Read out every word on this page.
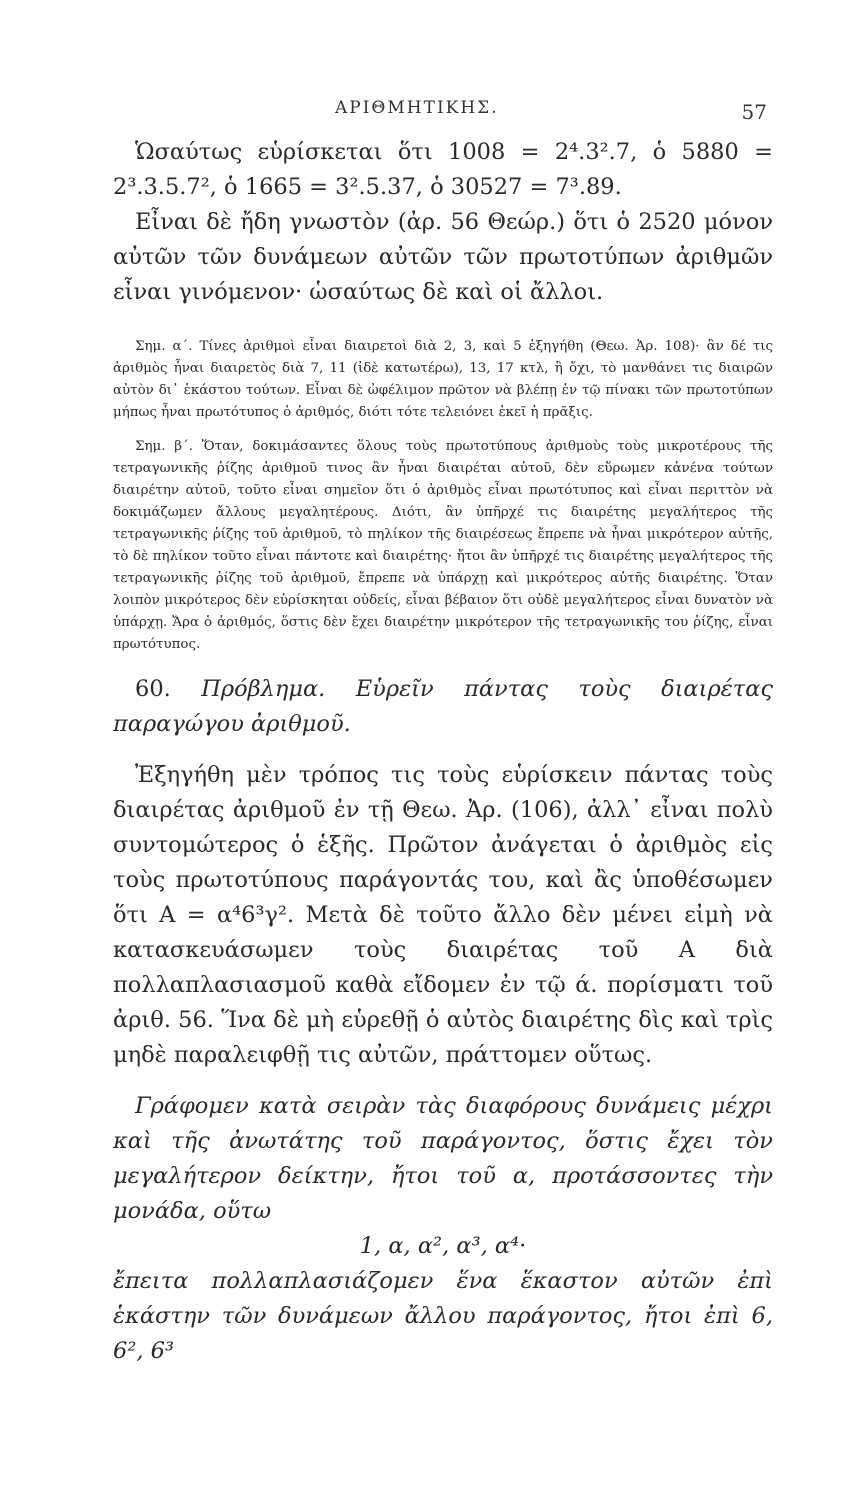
ΑΡΙΘΜΗΤΙΚΗΣ.	57

Ὡσαύτως εὑρίσκεται ὅτι 1008 = 2⁴.3².7, ὁ 5880 = 2³.3.5.7², ὁ 1665 = 3².5.37, ὁ 30527 = 7³.89.

Εἶναι δὲ ἤδη γνωστὸν (ἀρ. 56 Θεώρ.) ὅτι ὁ 2520 μόνον αὐτῶν τῶν δυνάμεων αὐτῶν τῶν πρωτοτύπων ἀριθμῶν εἶναι γινόμενον· ὡσαύτως δὲ καὶ οἱ ἄλλοι.

Σημ. α΄. Τίνες ἀριθμοὶ εἶναι διαιρετοὶ διὰ 2, 3, καὶ 5 ἐξηγήθη (Θεω. Ἀρ. 108)· ἂν δέ τις ἀριθμὸς ἦναι διαιρετὸς διὰ 7, 11 (ἰδὲ κατωτέρω), 13, 17 κτλ, ἢ ὄχι, τὸ μανθάνει τις διαιρῶν αὐτὸν δι᾽ ἑκάστου τούτων. Εἶναι δὲ ὠφέλιμον πρῶτον νὰ βλέπῃ ἐν τῷ πίνακι τῶν πρωτοτύπων μήπως ἦναι πρωτότυπος ὁ ἀριθμός, διότι τότε τελειόνει ἐκεῖ ἡ πρᾶξις.

Σημ. β΄. Ὅταν, δοκιμάσαντες ὅλους τοὺς πρωτοτύπους ἀριθμοὺς τοὺς μικροτέρους τῆς τετραγωνικῆς ῥίζης ἀριθμοῦ τινος ἂν ἦναι διαιρέται αὐτοῦ, δὲν εὕρωμεν κἀνένα τούτων διαιρέτην αὐτοῦ, τοῦτο εἶναι σημεῖον ὅτι ὁ ἀριθμὸς εἶναι πρωτότυπος καὶ εἶναι περιττὸν νὰ δοκιμάζωμεν ἄλλους μεγαλητέρους. Διότι, ἂν ὑπῆρχέ τις διαιρέτης μεγαλήτερος τῆς τετραγωνικῆς ῥίζης τοῦ ἀριθμοῦ, τὸ πηλίκον τῆς διαιρέσεως ἔπρεπε νὰ ἦναι μικρότερον αὐτῆς, τὸ δὲ πηλίκον τοῦτο εἶναι πάντοτε καὶ διαιρέτης· ἤτοι ἂν ὑπῆρχέ τις διαιρέτης μεγαλήτερος τῆς τετραγωνικῆς ῥίζης τοῦ ἀριθμοῦ, ἔπρεπε νὰ ὑπάρχῃ καὶ μικρότερος αὐτῆς διαιρέτης. Ὅταν λοιπὸν μικρότερος δὲν εὑρίσκηται οὐδείς, εἶναι βέβαιον ὅτι οὐδὲ μεγαλήτερος εἶναι δυνατὸν νὰ ὑπάρχῃ. Ἄρα ὁ ἀριθμός, ὅστις δὲν ἔχει διαιρέτην μικρότερον τῆς τετραγωνικῆς του ῥίζης, εἶναι πρωτότυπος.

60. Πρόβλημα. Εὑρεῖν πάντας τοὺς διαιρέτας παραγώγου ἀριθμοῦ.

Ἐξηγήθη μὲν τρόπος τις τοὺς εὑρίσκειν πάντας τοὺς διαιρέτας ἀριθμοῦ ἐν τῇ Θεω. Ἀρ. (106), ἀλλ᾽ εἶναι πολὺ συντομώτερος ὁ ἑξῆς. Πρῶτον ἀνάγεται ὁ ἀριθμὸς εἰς τοὺς πρωτοτύπους παράγοντάς του, καὶ ἂς ὑποθέσωμεν ὅτι Α = α⁴6³γ². Μετὰ δὲ τοῦτο ἄλλο δὲν μένει εἰμὴ νὰ κατασκευάσωμεν τοὺς διαιρέτας τοῦ Α διὰ πολλαπλασιασμοῦ καθὰ εἴδομεν ἐν τῷ ά. πορίσματι τοῦ ἀριθ. 56. Ἵνα δὲ μὴ εὑρεθῇ ὁ αὐτὸς διαιρέτης δὶς καὶ τρὶς μηδὲ παραλειφθῇ τις αὐτῶν, πράττομεν οὕτως.

Γράφομεν κατὰ σειρὰν τὰς διαφόρους δυνάμεις μέχρι καὶ τῆς ἀνωτάτης τοῦ παράγοντος, ὅστις ἔχει τὸν μεγαλήτερον δείκτην, ἤτοι τοῦ α, προτάσσοντες τὴν μονάδα, οὕτω

1, α, α², α³, α⁴·

ἔπειτα πολλαπλασιάζομεν ἕνα ἕκαστον αὐτῶν ἐπὶ ἑκάστην τῶν δυνάμεων ἄλλου παράγοντος, ἤτοι ἐπὶ 6, 6², 6³
